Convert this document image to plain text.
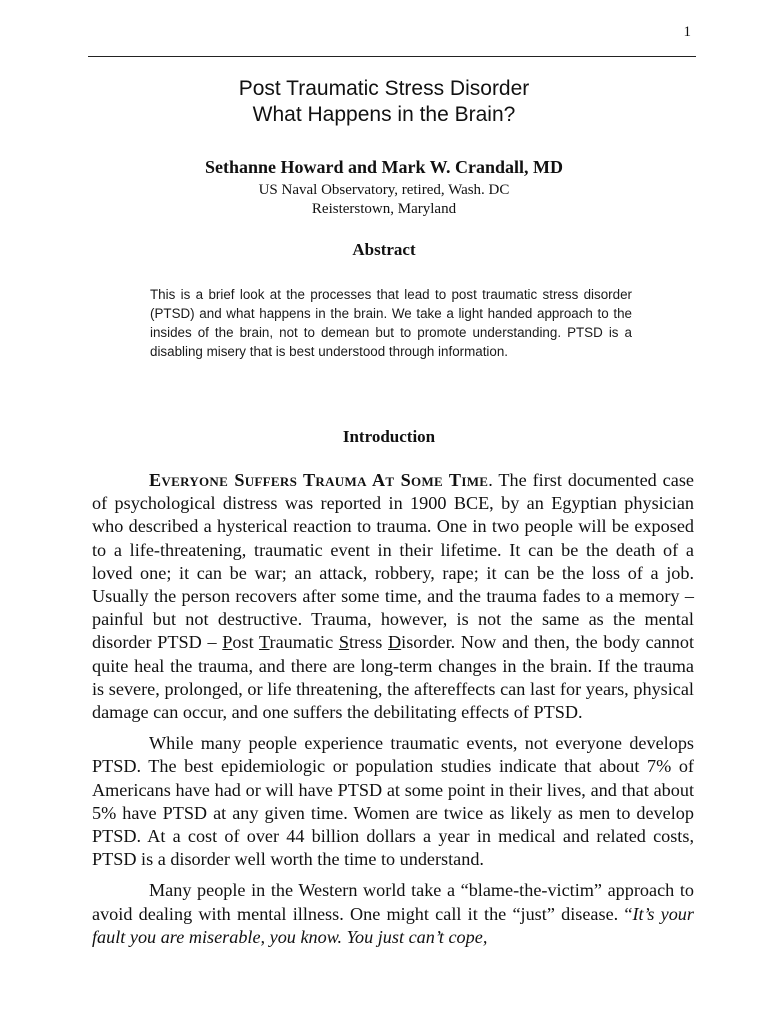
1
Post Traumatic Stress Disorder
What Happens in the Brain?
Sethanne Howard and Mark W. Crandall, MD
US Naval Observatory, retired, Wash. DC
Reisterstown, Maryland
Abstract
This is a brief look at the processes that lead to post traumatic stress disorder (PTSD) and what happens in the brain. We take a light handed approach to the insides of the brain, not to demean but to promote understanding. PTSD is a disabling misery that is best understood through information.
Introduction

Everyone Suffers Trauma At Some Time. The first documented case of psychological distress was reported in 1900 BCE, by an Egyptian physician who described a hysterical reaction to trauma. One in two people will be exposed to a life-threatening, traumatic event in their lifetime. It can be the death of a loved one; it can be war; an attack, robbery, rape; it can be the loss of a job. Usually the person recovers after some time, and the trauma fades to a memory – painful but not destructive. Trauma, however, is not the same as the mental disorder PTSD – Post Traumatic Stress Disorder. Now and then, the body cannot quite heal the trauma, and there are long-term changes in the brain. If the trauma is severe, prolonged, or life threatening, the aftereffects can last for years, physical damage can occur, and one suffers the debilitating effects of PTSD.

While many people experience traumatic events, not everyone develops PTSD. The best epidemiologic or population studies indicate that about 7% of Americans have had or will have PTSD at some point in their lives, and that about 5% have PTSD at any given time. Women are twice as likely as men to develop PTSD. At a cost of over 44 billion dollars a year in medical and related costs, PTSD is a disorder well worth the time to understand.

Many people in the Western world take a “blame-the-victim” approach to avoid dealing with mental illness. One might call it the “just” disease. “It’s your fault you are miserable, you know. You just can’t cope,
